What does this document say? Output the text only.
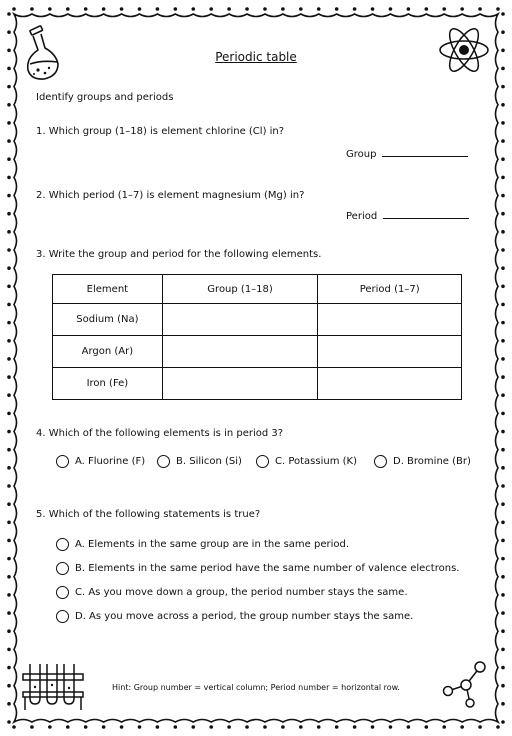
Periodic table
Identify groups and periods
1. Which group (1–18) is element chlorine (Cl) in?
Group
2. Which period (1–7) is element magnesium (Mg) in?
Period
3. Write the group and period for the following elements.
Element	Group (1–18)	Period (1–7)
Sodium (Na)		
Argon (Ar)		
Iron (Fe)		
4. Which of the following elements is in period 3?
A. Fluorine (F)	B. Silicon (Si)	C. Potassium (K)	D. Bromine (Br)
5. Which of the following statements is true?
A. Elements in the same group are in the same period.
B. Elements in the same period have the same number of valence electrons.
C. As you move down a group, the period number stays the same.
D. As you move across a period, the group number stays the same.
Hint: Group number = vertical column; Period number = horizontal row.
